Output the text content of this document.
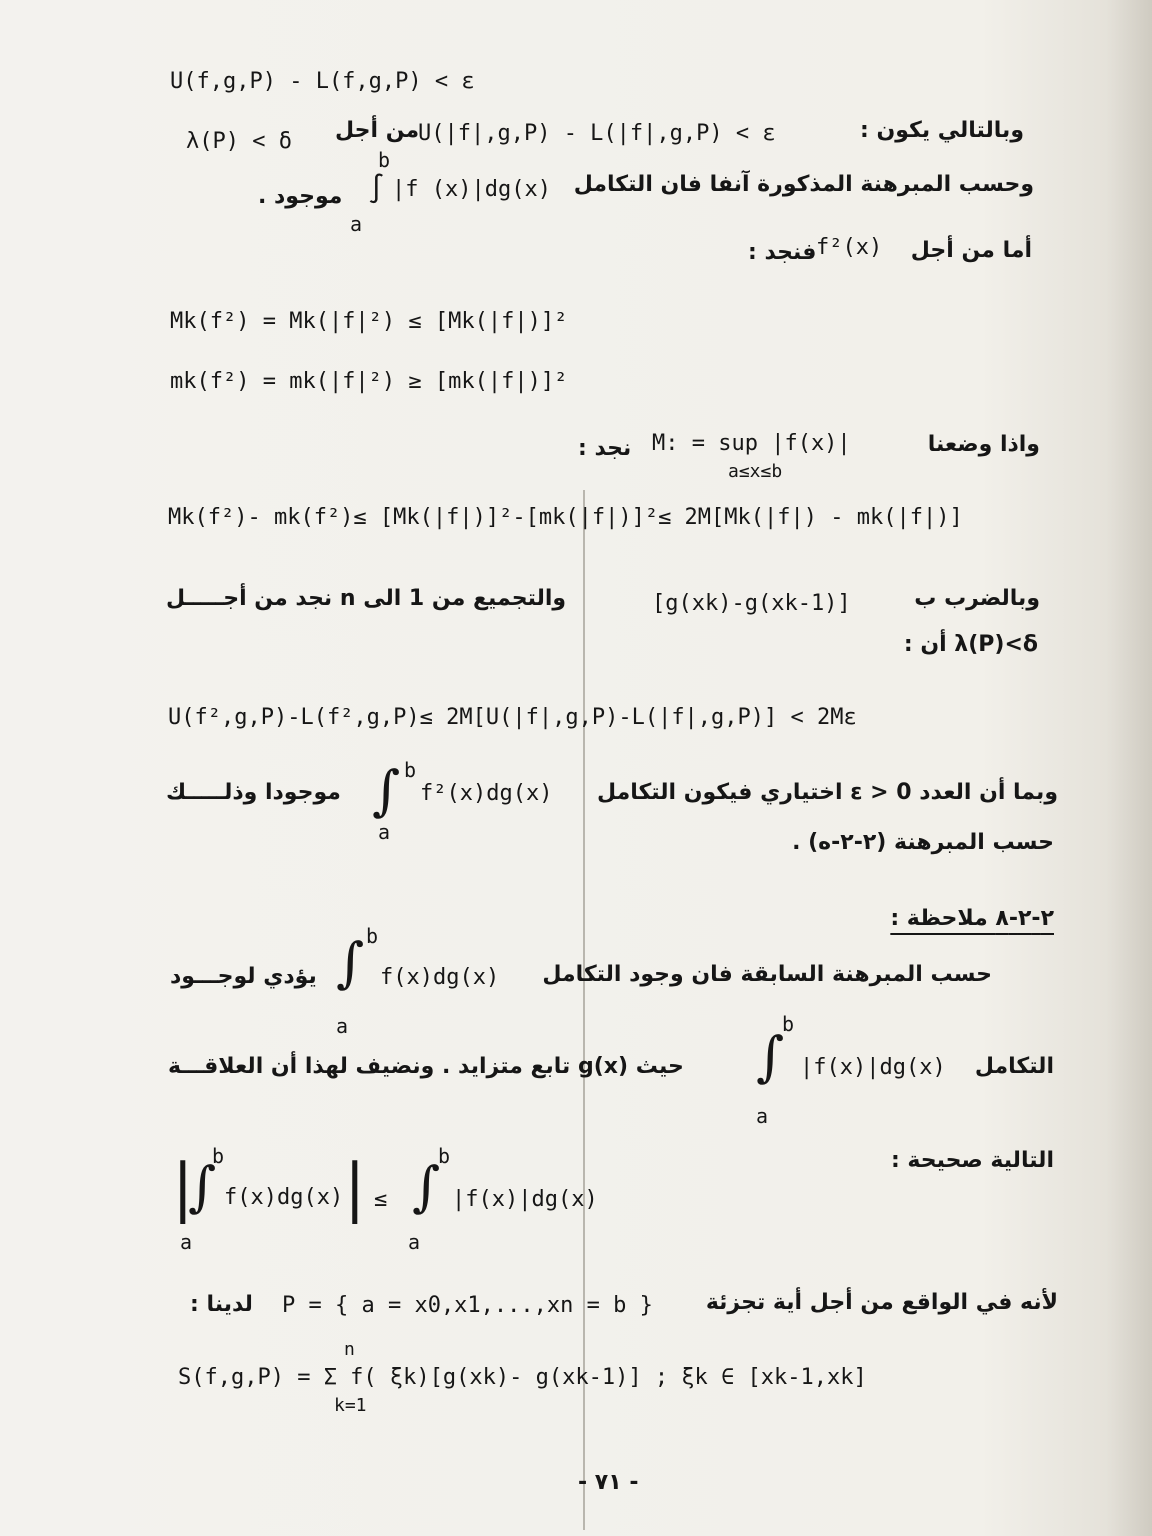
U(f,g,P) - L(f,g,P) < ε
وبالتالي يكون :
U(|f|,g,P) - L(|f|,g,P) < ε
من أجل
λ(P) < δ
b
وحسب المبرهنة المذكورة آنفا فان التكامل
|f (x)|dg(x)
∫
موجود .
a
أما من أجل
f²(x)
فنجد :
Mk(f²) = Mk(|f|²) ≤ [Mk(|f|)]²
mk(f²) = mk(|f|²) ≥ [mk(|f|)]²
واذا وضعنا
M: = sup |f(x)|
نجد :
a≤x≤b
Mk(f²)- mk(f²)≤ [Mk(|f|)]²-[mk(|f|)]²≤ 2M[Mk(|f|) - mk(|f|)]
وبالضرب ب
[g(xk)-g(xk-1)]
والتجميع من 1 الى n نجد من أجـــــل
λ(P)<δ أن :
U(f²,g,P)-L(f²,g,P)≤ 2M[U(|f|,g,P)-L(|f|,g,P)] < 2Mε
b
وبما أن العدد ε > 0 اختياري فيكون التكامل
∫ f²(x)dg(x)
موجودا وذلـــــك
a	حسب المبرهنة (٢-٢-ه) .
٢-٢-٨ ملاحظة :
b
∫	حسب المبرهنة السابقة فان وجود التكامل
f(x)dg(x)
يؤدي لوجـــود
a	b
التكامل
|f(x)|dg(x)
∫
حيث g(x) تابع متزايد . ونضيف لهذا أن العلاقـــة
a
التالية صحيحة :
b
|
∫ f(x)dg(x) | ≤
b
∫ |f(x)|dg(x)
a	a
لأنه في الواقع من أجل أية تجزئة
P = { a = x0,x1,...,xn = b }
لدينا :
n
S(f,g,P) = Σ f( ξk)[g(xk)- g(xk-1)] ; ξk ∈ [xk-1,xk]
k=1
- ٧١ -
